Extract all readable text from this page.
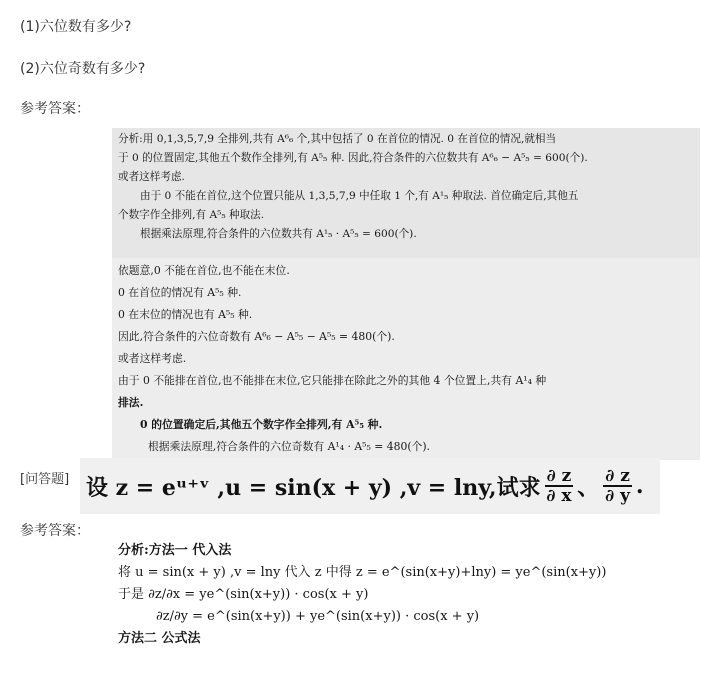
(1)六位数有多少?
(2)六位奇数有多少?
参考答案：

分析:用 0,1,3,5,7,9 全排列,共有 A⁶₆ 个,其中包括了 0 在首位的情况. 0 在首位的情况,就相当

于 0 的位置固定,其他五个数作全排列,有 A⁵₅ 种. 因此,符合条件的六位数共有 A⁶₆ − A⁵₅ = 600(个).

或者这样考虑.

由于 0 不能在首位,这个位置只能从 1,3,5,7,9 中任取 1 个,有 A¹₅ 种取法. 首位确定后,其他五

个数字作全排列,有 A⁵₅ 种取法.

根据乘法原理,符合条件的六位数共有 A¹₅ · A⁵₅ = 600(个).

依题意,0 不能在首位,也不能在末位.

0 在首位的情况有 A⁵₅ 种.

0 在末位的情况也有 A⁵₅ 种.

因此,符合条件的六位奇数有 A⁶₆ − A⁵₅ − A⁵₅ = 480(个).

或者这样考虑.

由于 0 不能排在首位,也不能排在末位,它只能排在除此之外的其他 4 个位置上,共有 A¹₄ 种

排法.

0 的位置确定后,其他五个数字作全排列,有 A⁵₅ 种.

根据乘法原理,符合条件的六位奇数有 A¹₄ · A⁵₅ = 480(个).

[问答题] 设 z = eᵘ⁺ᵛ ,u = sin(x + y) ,v = lny,试求 $\frac{\partial z}{\partial x}$ 、 $\frac{\partial z}{\partial y}$ .
参考答案：

分析:方法一 代入法

将 u = sin(x + y) ,v = lny 代入 z 中得 z = e^(sin(x+y)+lny) = ye^(sin(x+y))

于是 ∂z/∂x = ye^(sin(x+y)) · cos(x + y)

∂z/∂y = e^(sin(x+y)) + ye^(sin(x+y)) · cos(x + y)

方法二 公式法
